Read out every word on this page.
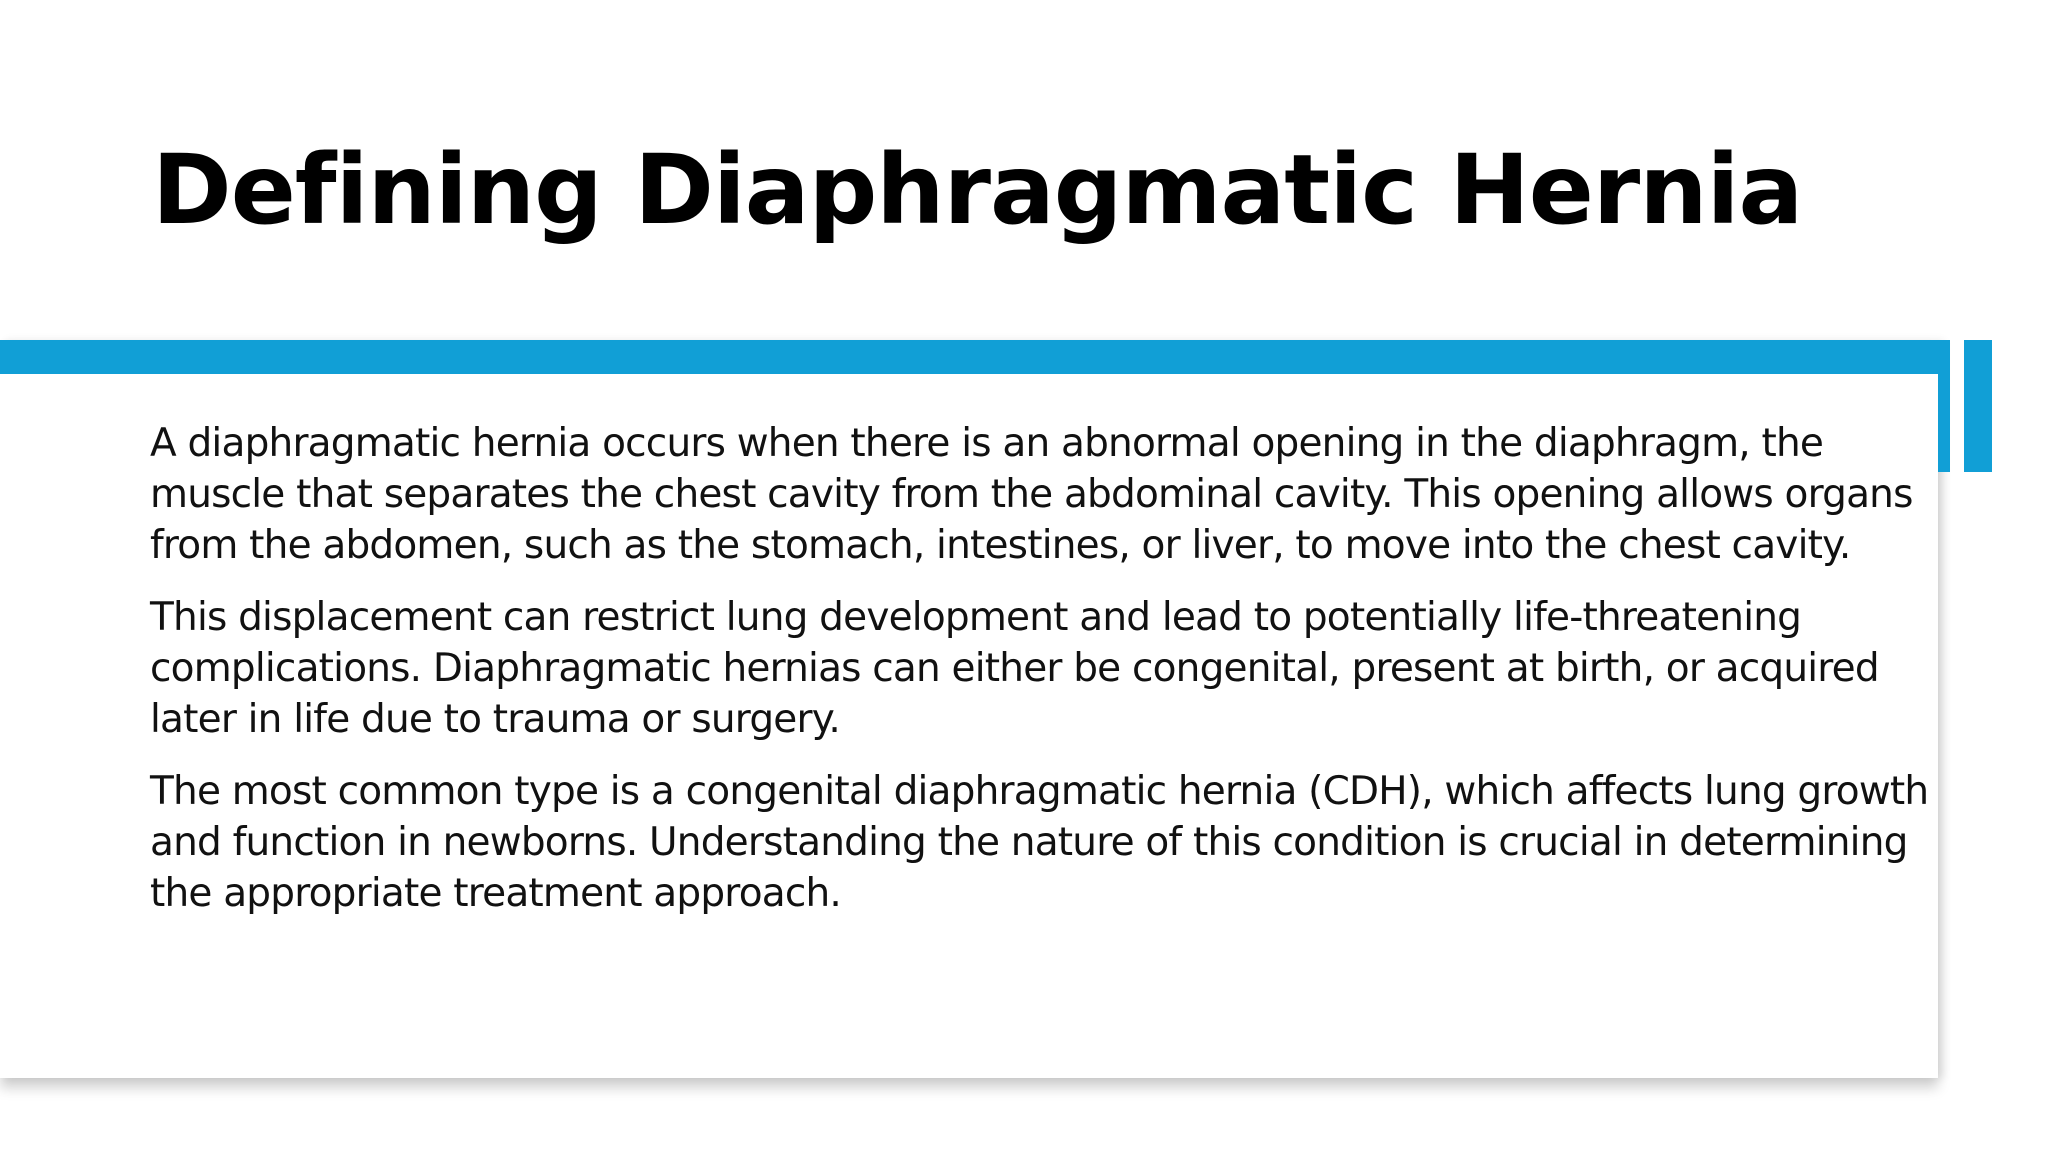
Defining Diaphragmatic Hernia

A diaphragmatic hernia occurs when there is an abnormal opening in the diaphragm, the muscle that separates the chest cavity from the abdominal cavity. This opening allows organs from the abdomen, such as the stomach, intestines, or liver, to move into the chest cavity.

This displacement can restrict lung development and lead to potentially life-threatening complications. Diaphragmatic hernias can either be congenital, present at birth, or acquired later in life due to trauma or surgery.

The most common type is a congenital diaphragmatic hernia (CDH), which affects lung growth and function in newborns. Understanding the nature of this condition is crucial in determining the appropriate treatment approach.
